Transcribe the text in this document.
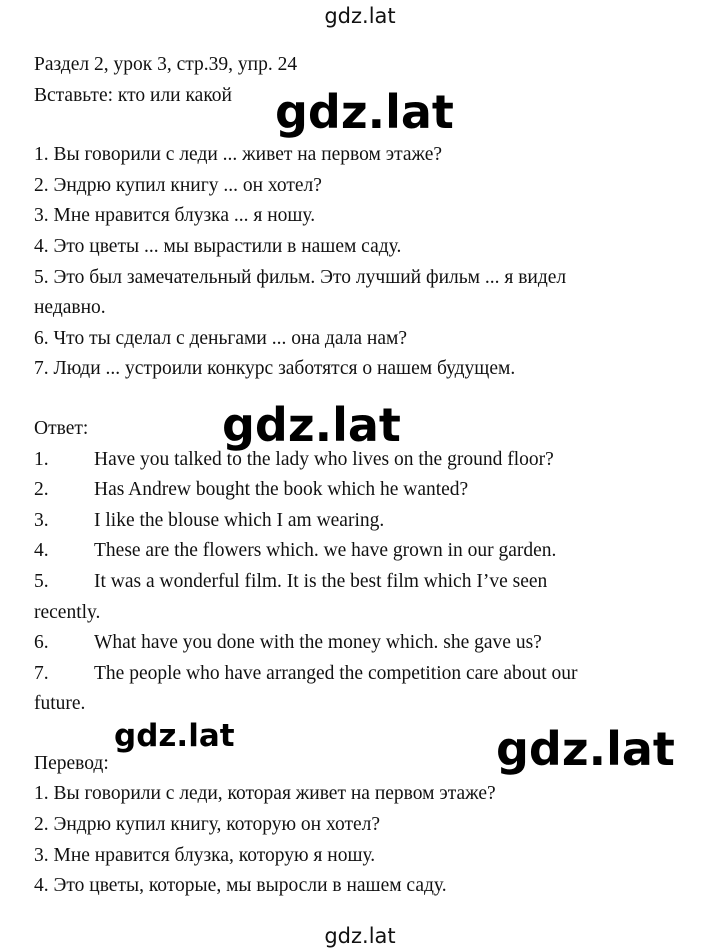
gdz.lat
Раздел 2, урок 3, стр.39, упр. 24
Вставьте: кто или какой
1. Вы говорили с леди ... живет на первом этаже?
2. Эндрю купил книгу ... он хотел?
3. Мне нравится блузка ... я ношу.
4. Это цветы ... мы вырастили в нашем саду.
5. Это был замечательный фильм. Это лучший фильм ... я видел
недавно.
6. Что ты сделал с деньгами ... она дала нам?
7. Люди ... устроили конкурс заботятся о нашем будущем.
Ответ:
1. Have you talked to the lady who lives on the ground floor?
2. Has Andrew bought the book which he wanted?
3. I like the blouse which I am wearing.
4. These are the flowers which. we have grown in our garden.
5. It was a wonderful film. It is the best film which I’ve seen
recently.
6. What have you done with the money which. she gave us?
7. The people who have arranged the competition care about our
future.
Перевод:
1. Вы говорили с леди, которая живет на первом этаже?
2. Эндрю купил книгу, которую он хотел?
3. Мне нравится блузка, которую я ношу.
4. Это цветы, которые, мы выросли в нашем саду.
gdz.lat
gdz.lat
gdz.lat	gdz.lat
gdz.lat
